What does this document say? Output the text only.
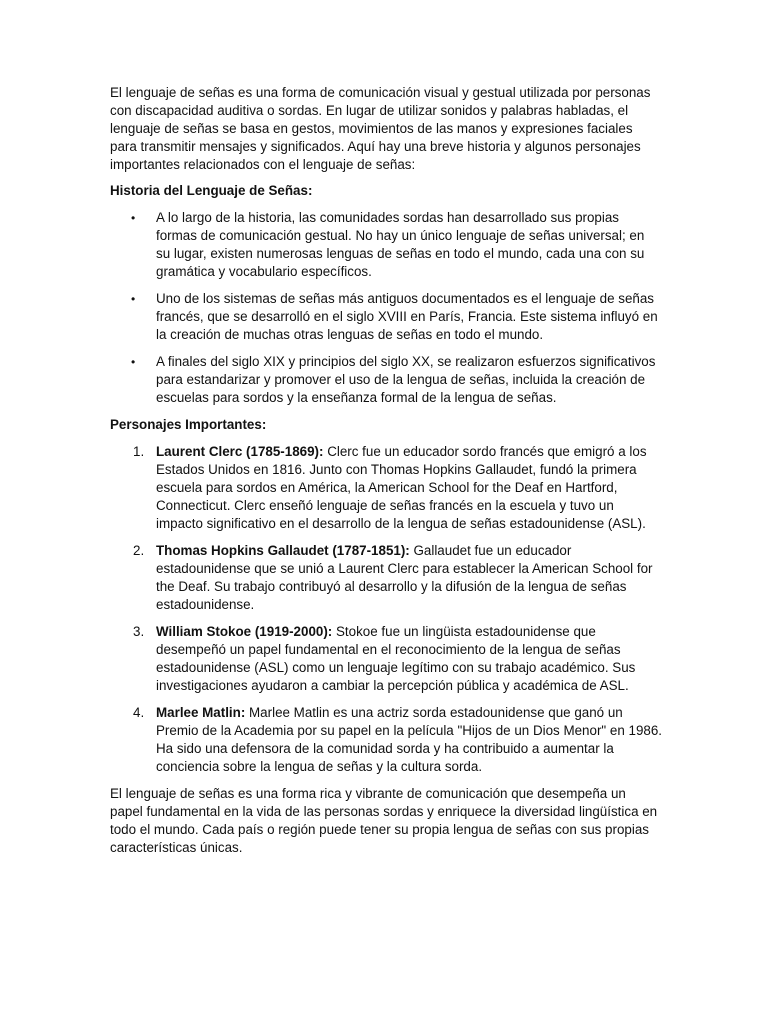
El lenguaje de señas es una forma de comunicación visual y gestual utilizada por personas con discapacidad auditiva o sordas. En lugar de utilizar sonidos y palabras habladas, el lenguaje de señas se basa en gestos, movimientos de las manos y expresiones faciales para transmitir mensajes y significados. Aquí hay una breve historia y algunos personajes importantes relacionados con el lenguaje de señas:

Historia del Lenguaje de Señas:

• A lo largo de la historia, las comunidades sordas han desarrollado sus propias formas de comunicación gestual. No hay un único lenguaje de señas universal; en su lugar, existen numerosas lenguas de señas en todo el mundo, cada una con su gramática y vocabulario específicos.
• Uno de los sistemas de señas más antiguos documentados es el lenguaje de señas francés, que se desarrolló en el siglo XVIII en París, Francia. Este sistema influyó en la creación de muchas otras lenguas de señas en todo el mundo.
• A finales del siglo XIX y principios del siglo XX, se realizaron esfuerzos significativos para estandarizar y promover el uso de la lengua de señas, incluida la creación de escuelas para sordos y la enseñanza formal de la lengua de señas.

Personajes Importantes:

1. Laurent Clerc (1785-1869): Clerc fue un educador sordo francés que emigró a los Estados Unidos en 1816. Junto con Thomas Hopkins Gallaudet, fundó la primera escuela para sordos en América, la American School for the Deaf en Hartford, Connecticut. Clerc enseñó lenguaje de señas francés en la escuela y tuvo un impacto significativo en el desarrollo de la lengua de señas estadounidense (ASL).
2. Thomas Hopkins Gallaudet (1787-1851): Gallaudet fue un educador estadounidense que se unió a Laurent Clerc para establecer la American School for the Deaf. Su trabajo contribuyó al desarrollo y la difusión de la lengua de señas estadounidense.
3. William Stokoe (1919-2000): Stokoe fue un lingüista estadounidense que desempeñó un papel fundamental en el reconocimiento de la lengua de señas estadounidense (ASL) como un lenguaje legítimo con su trabajo académico. Sus investigaciones ayudaron a cambiar la percepción pública y académica de ASL.
4. Marlee Matlin: Marlee Matlin es una actriz sorda estadounidense que ganó un Premio de la Academia por su papel en la película "Hijos de un Dios Menor" en 1986. Ha sido una defensora de la comunidad sorda y ha contribuido a aumentar la conciencia sobre la lengua de señas y la cultura sorda.

El lenguaje de señas es una forma rica y vibrante de comunicación que desempeña un papel fundamental en la vida de las personas sordas y enriquece la diversidad lingüística en todo el mundo. Cada país o región puede tener su propia lengua de señas con sus propias características únicas.
